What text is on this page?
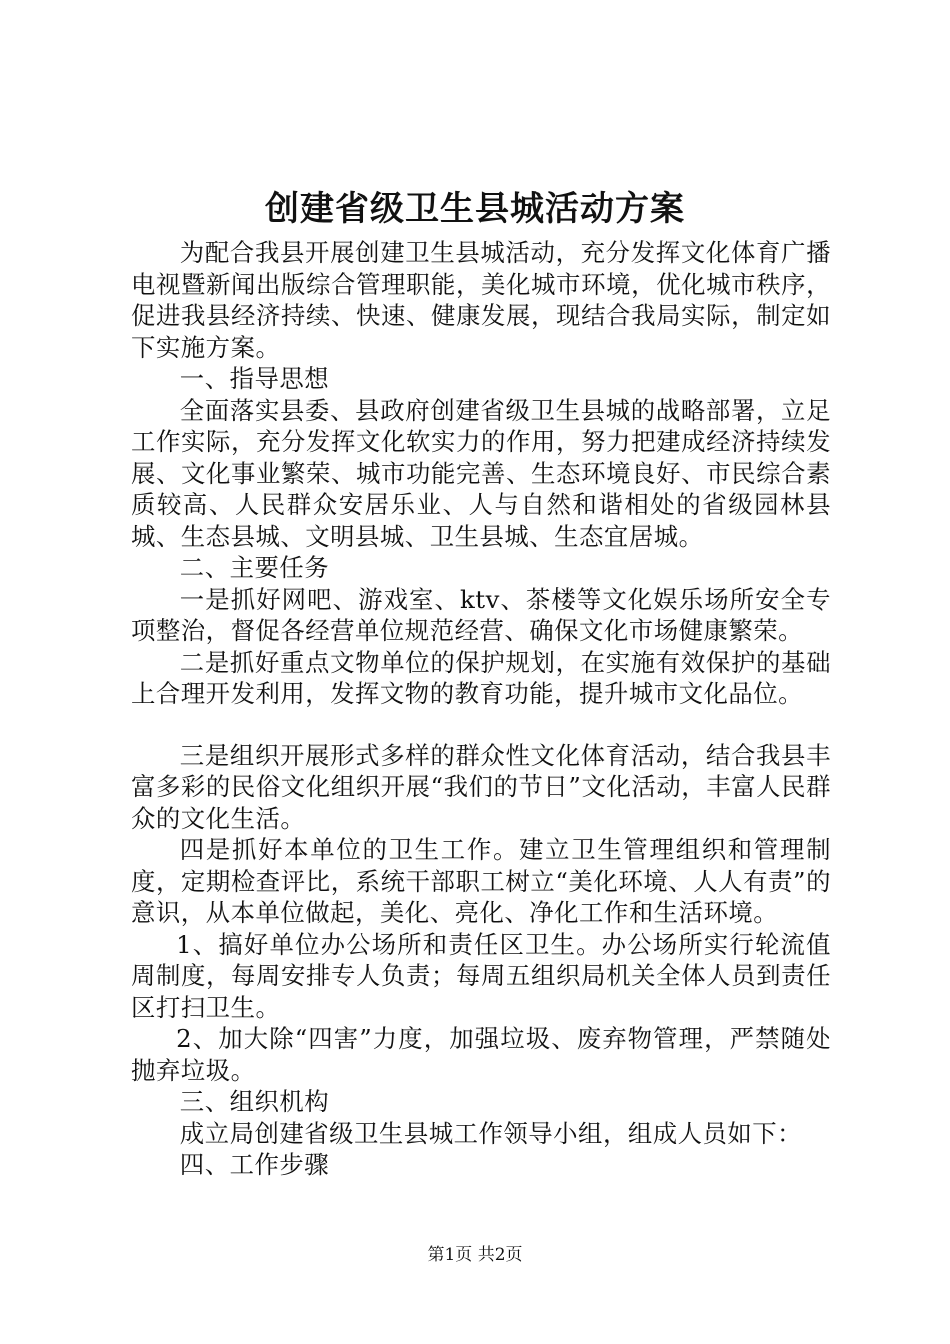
创建省级卫生县城活动方案

为配合我县开展创建卫生县城活动，充分发挥文化体育广播电视暨新闻出版综合管理职能，美化城市环境，优化城市秩序，促进我县经济持续、快速、健康发展，现结合我局实际，制定如下实施方案。

一、指导思想

全面落实县委、县政府创建省级卫生县城的战略部署，立足工作实际，充分发挥文化软实力的作用，努力把建成经济持续发展、文化事业繁荣、城市功能完善、生态环境良好、市民综合素质较高、人民群众安居乐业、人与自然和谐相处的省级园林县城、生态县城、文明县城、卫生县城、生态宜居城。

二、主要任务

一是抓好网吧、游戏室、ktv、茶楼等文化娱乐场所安全专项整治，督促各经营单位规范经营、确保文化市场健康繁荣。

二是抓好重点文物单位的保护规划，在实施有效保护的基础上合理开发利用，发挥文物的教育功能，提升城市文化品位。

三是组织开展形式多样的群众性文化体育活动，结合我县丰富多彩的民俗文化组织开展“我们的节日”文化活动，丰富人民群众的文化生活。

四是抓好本单位的卫生工作。建立卫生管理组织和管理制度，定期检查评比，系统干部职工树立“美化环境、人人有责”的意识，从本单位做起，美化、亮化、净化工作和生活环境。

1、搞好单位办公场所和责任区卫生。办公场所实行轮流值周制度，每周安排专人负责；每周五组织局机关全体人员到责任区打扫卫生。

2、加大除“四害”力度，加强垃圾、废弃物管理，严禁随处抛弃垃圾。

三、组织机构

成立局创建省级卫生县城工作领导小组，组成人员如下：

四、工作步骤

第1页 共2页
